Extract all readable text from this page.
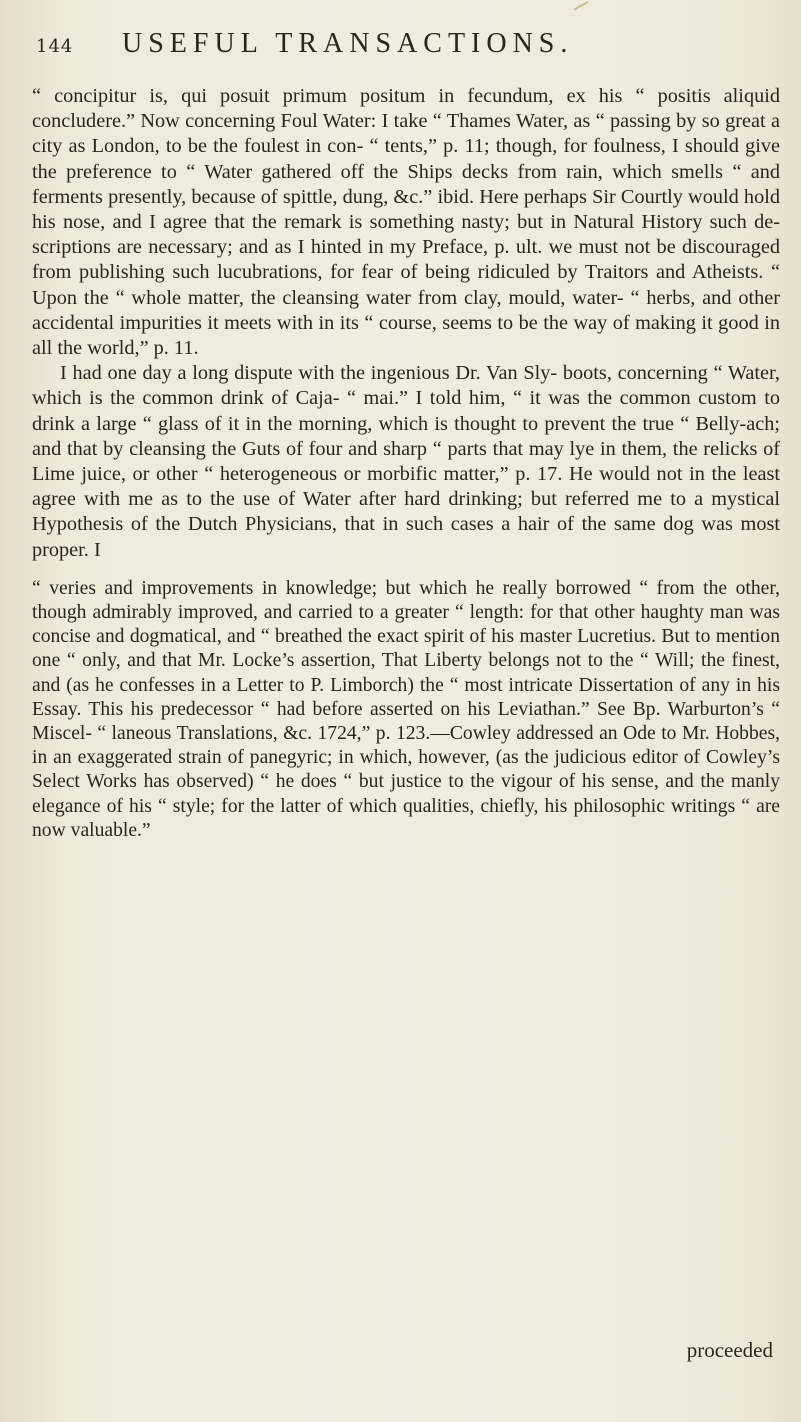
144 USEFUL TRANSACTIONS.

“ concipitur is, qui posuit primum positum in fecundum, ex his “ positis aliquid concludere.” Now concerning Foul Water: I take “ Thames Water, as “ passing by so great a city as London, to be the foulest in con- “ tents,” p. 11; though, for foulness, I should give the preference to “ Water gathered off the Ships decks from rain, which smells “ and ferments presently, because of spittle, dung, &c.” ibid. Here perhaps Sir Courtly would hold his nose, and I agree that the remark is something nasty; but in Natural History such de- scriptions are necessary; and as I hinted in my Preface, p. ult. we must not be discouraged from publishing such lucubrations, for fear of being ridiculed by Traitors and Atheists. “ Upon the “ whole matter, the cleansing water from clay, mould, water- “ herbs, and other accidental impurities it meets with in its “ course, seems to be the way of making it good in all the world,” p. 11.

I had one day a long dispute with the ingenious Dr. Van Sly- boots, concerning “ Water, which is the common drink of Caja- “ mai.” I told him, “ it was the common custom to drink a large “ glass of it in the morning, which is thought to prevent the true “ Belly-ach; and that by cleansing the Guts of four and sharp “ parts that may lye in them, the relicks of Lime juice, or other “ heterogeneous or morbific matter,” p. 17. He would not in the least agree with me as to the use of Water after hard drinking; but referred me to a mystical Hypothesis of the Dutch Physicians, that in such cases a hair of the same dog was most proper. I

“ veries and improvements in knowledge; but which he really borrowed “ from the other, though admirably improved, and carried to a greater “ length: for that other haughty man was concise and dogmatical, and “ breathed the exact spirit of his master Lucretius. But to mention one “ only, and that Mr. Locke’s assertion, That Liberty belongs not to the “ Will; the finest, and (as he confesses in a Letter to P. Limborch) the “ most intricate Dissertation of any in his Essay. This his predecessor “ had before asserted on his Leviathan.” See Bp. Warburton’s “ Miscel- “ laneous Translations, &c. 1724,” p. 123.—Cowley addressed an Ode to Mr. Hobbes, in an exaggerated strain of panegyric; in which, however, (as the judicious editor of Cowley’s Select Works has observed) “ he does “ but justice to the vigour of his sense, and the manly elegance of his “ style; for the latter of which qualities, chiefly, his philosophic writings “ are now valuable.”

proceeded
